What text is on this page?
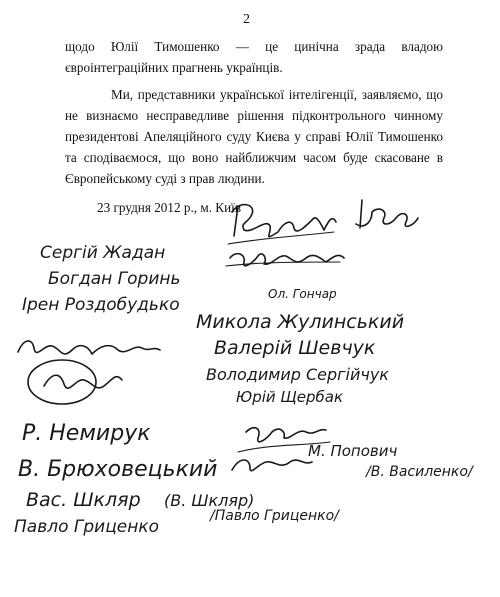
2

щодо Юлії Тимошенко — це цинічна зрада владою євроінтеграційних прагнень українців.

Ми, представники української інтелігенції, заявляємо, що не визнаємо несправедливе рішення підконтрольного чинному президентові Апеляційного суду Києва у справі Юлії Тимошенко та сподіваємося, що воно найближчим часом буде скасоване в Європейському суді з прав людини.

23 грудня 2012 р., м. Київ
Сергій Жадан
Богдан Горинь
Ірен Роздобудько
Ол. Гончар
Микола Жулинський
Валерій Шевчук
Володимир Сергійчук
Юрій Щербак
Р. Немирук
В. Брюховецький
М. Попович
/В. Василенко/
Вас. Шкляр (В. Шкляр)
Павло Гриценко
/Павло Гриценко/
